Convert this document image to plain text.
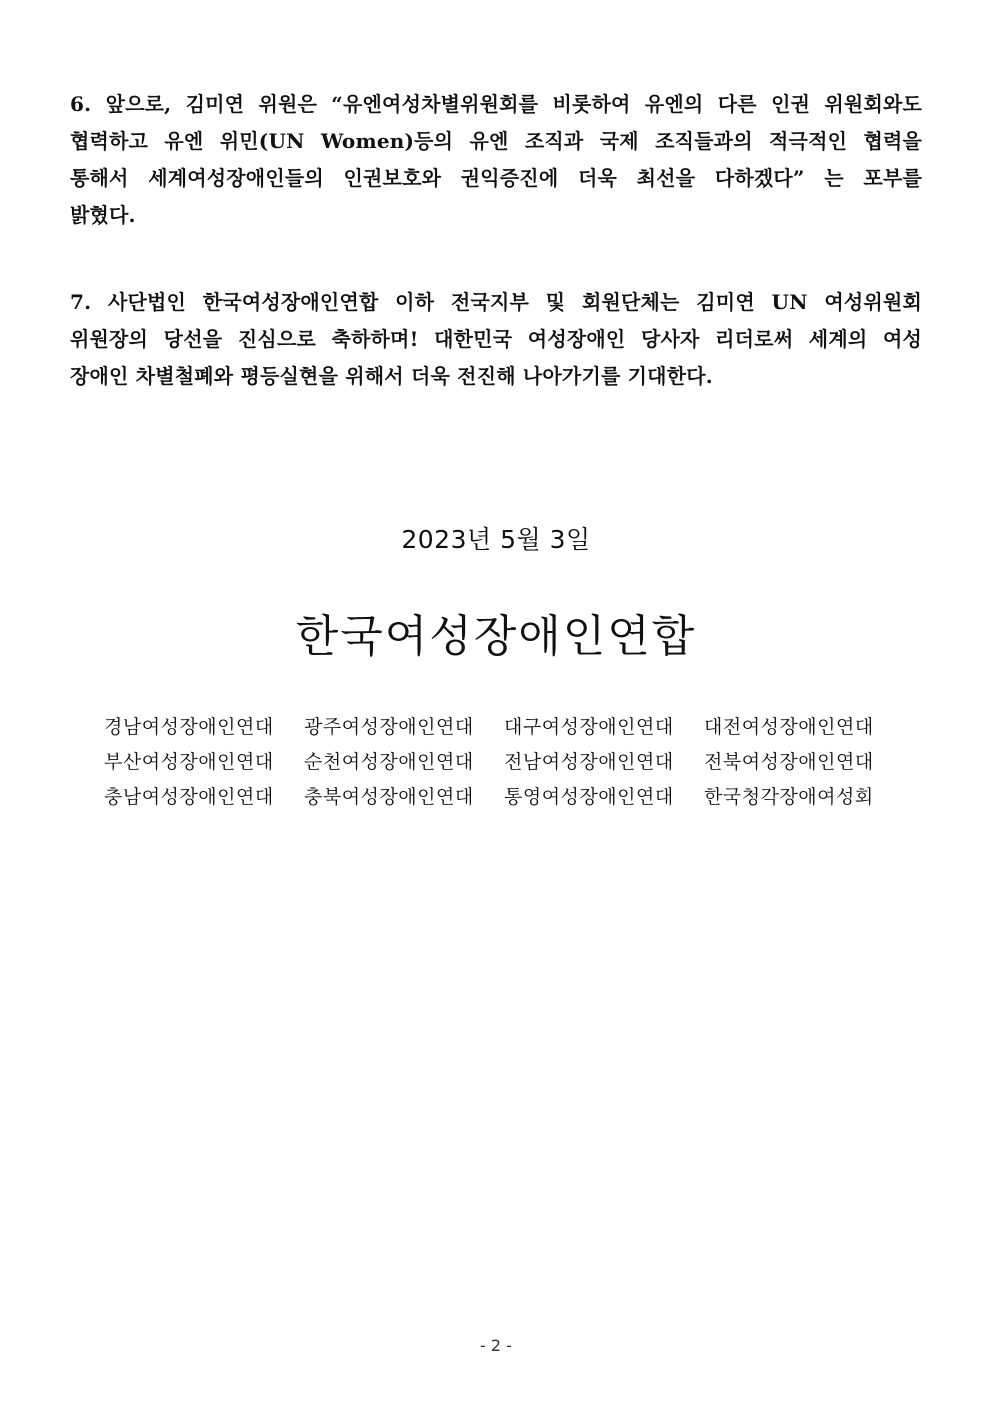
6. 앞으로, 김미연 위원은 “유엔여성차별위원회를 비롯하여 유엔의 다른 인권 위원회와도
협력하고 유엔 위민(UN Women)등의 유엔 조직과 국제 조직들과의 적극적인 협력을
통해서 세계여성장애인들의 인권보호와 권익증진에 더욱 최선을 다하겠다” 는 포부를
밝혔다.
7. 사단법인 한국여성장애인연합 이하 전국지부 및 회원단체는 김미연 UN 여성위원회
위원장의 당선을 진심으로 축하하며! 대한민국 여성장애인 당사자 리더로써 세계의 여성
장애인 차별철폐와 평등실현을 위해서 더욱 전진해 나아가기를 기대한다.
2023년 5월 3일
한국여성장애인연합
경남여성장애인연대	광주여성장애인연대	대구여성장애인연대	대전여성장애인연대
부산여성장애인연대	순천여성장애인연대	전남여성장애인연대	전북여성장애인연대
충남여성장애인연대	충북여성장애인연대	통영여성장애인연대	한국청각장애여성회
- 2 -
